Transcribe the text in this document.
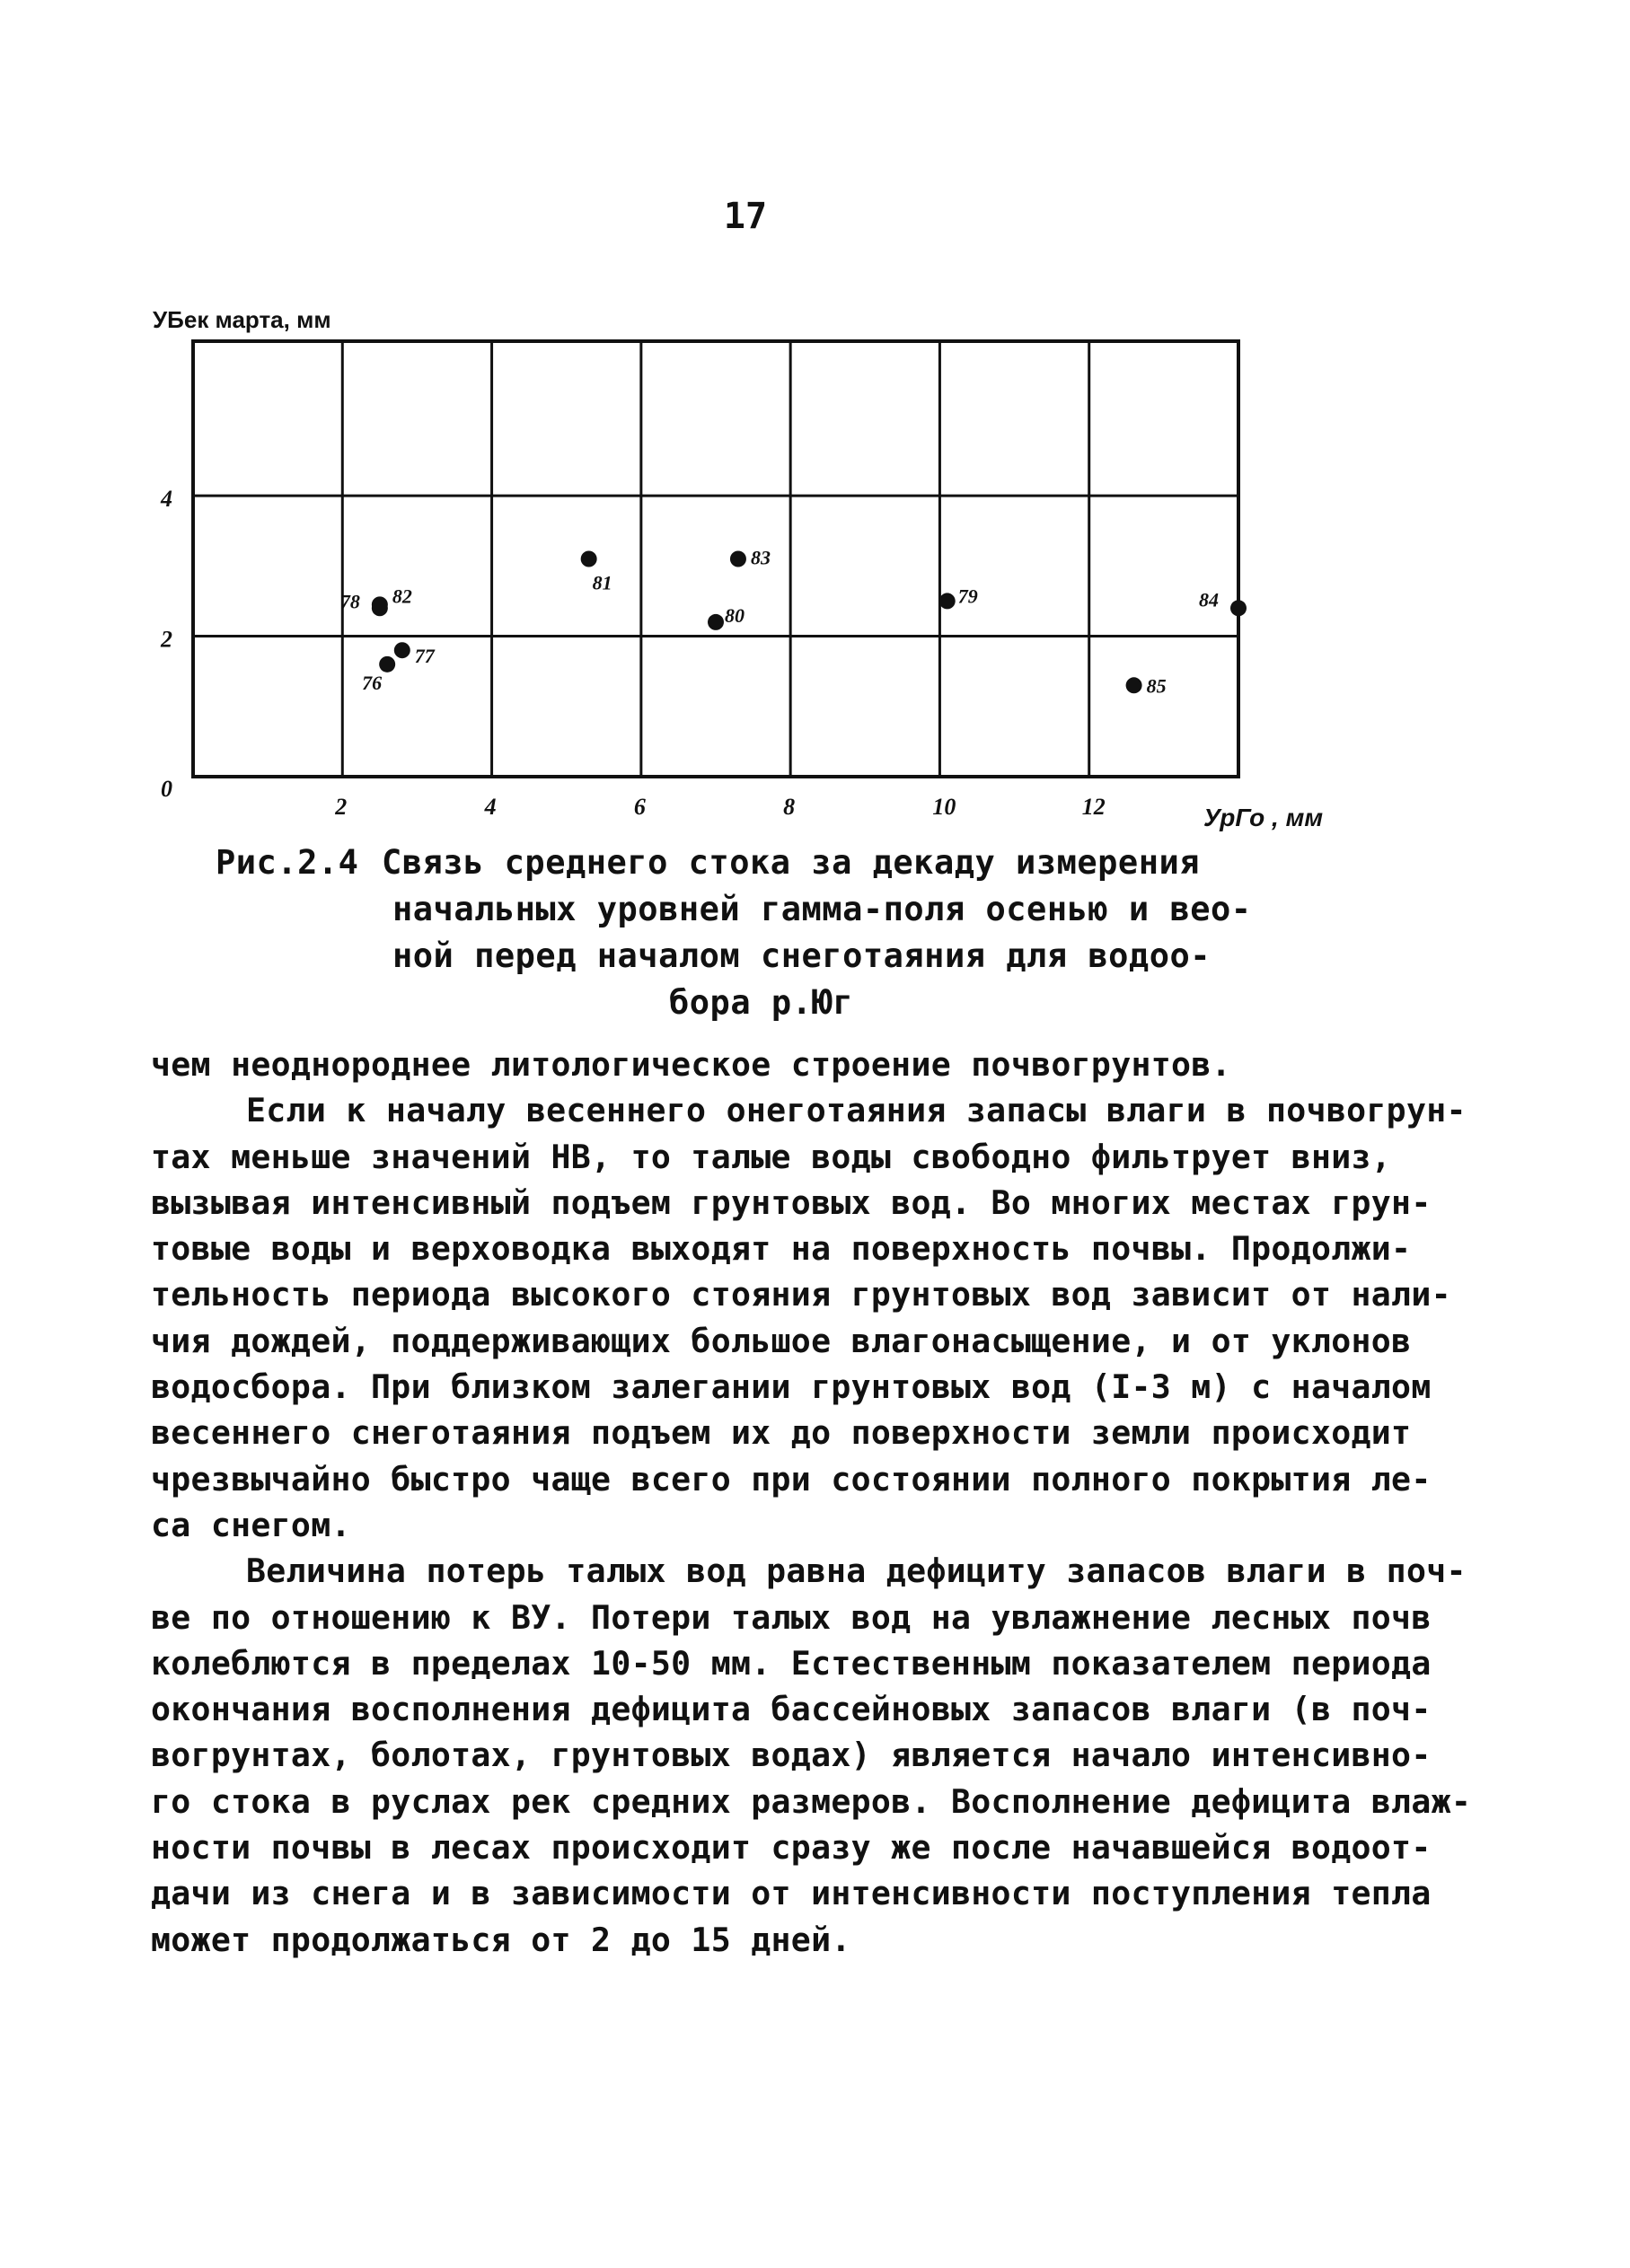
17
2	4	6	8	10	12
0
2
4
УБек марта, мм
УрГо , мм
78 82
77
76
81
83
80
79	84
85
Рис.2.4 Связь среднего стока за декаду измерения
начальных уровней гамма-поля осенью и вео-
ной перед началом снеготаяния для водоо-
бора р.Юг
чем неоднороднее литологическое строение почвогрунтов.
Если к началу весеннего онеготаяния запасы влаги в почвогрун-
тах меньше значений НВ, то талые воды свободно фильтрует вниз,
вызывая интенсивный подъем грунтовых вод. Во многих местах грун-
товые воды и верховодка выходят на поверхность почвы. Продолжи-
тельность периода высокого стояния грунтовых вод зависит от нали-
чия дождей, поддерживающих большое влагонасыщение, и от уклонов
водосбора. При близком залегании грунтовых вод (I-3 м) с началом
весеннего снеготаяния подъем их до поверхности земли происходит
чрезвычайно быстро чаще всего при состоянии полного покрытия ле-
са снегом.
Величина потерь талых вод равна дефициту запасов влаги в поч-
ве по отношению к ВУ. Потери талых вод на увлажнение лесных почв
колеблются в пределах 10-50 мм. Естественным показателем периода
окончания восполнения дефицита бассейновых запасов влаги (в поч-
вогрунтах, болотах, грунтовых водах) является начало интенсивно-
го стока в руслах рек средних размеров. Восполнение дефицита влаж-
ности почвы в лесах происходит сразу же после начавшейся водоот-
дачи из снега и в зависимости от интенсивности поступления тепла
может продолжаться от 2 до 15 дней.
